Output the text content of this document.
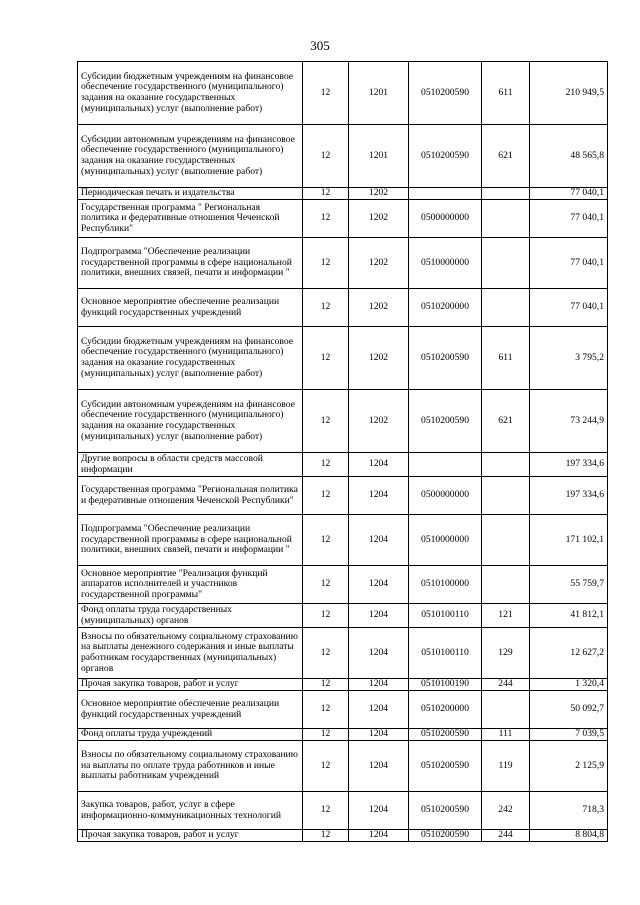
305
Субсидии бюджетным учреждениям на финансовое обеспечение государственного (муниципального) задания на оказание государственных (муниципальных) услуг (выполнение работ)	12	1201	0510200590	611	210 949,5
Субсидии автономным учреждениям на финансовое обеспечение государственного (муниципального) задания на оказание государственных (муниципальных) услуг (выполнение работ)	12	1201	0510200590	621	48 565,8
Периодическая печать и издательства	12	1202			77 040,1
Государственная программа " Региональная политика и федеративные отношения Чеченской Республики"	12	1202	0500000000		77 040,1
Подпрограмма "Обеспечение реализации государственной программы в сфере национальной политики, внешних связей, печати и информации "	12	1202	0510000000		77 040,1
Основное мероприятие обеспечение реализации функций государственных учреждений	12	1202	0510200000		77 040,1
Субсидии бюджетным учреждениям на финансовое обеспечение государственного (муниципального) задания на оказание государственных (муниципальных) услуг (выполнение работ)	12	1202	0510200590	611	3 795,2
Субсидии автономным учреждениям на финансовое обеспечение государственного (муниципального) задания на оказание государственных (муниципальных) услуг (выполнение работ)	12	1202	0510200590	621	73 244,9
Другие вопросы в области средств массовой информации	12	1204			197 334,6
Государственная программа "Региональная политика и федеративные отношения Чеченской Республики"	12	1204	0500000000		197 334,6
Подпрограмма "Обеспечение реализации государственной программы в сфере национальной политики, внешних связей, печати и информации "	12	1204	0510000000		171 102,1
Основное мероприятие "Реализация функций аппаратов исполнителей и участников государственной программы"	12	1204	0510100000		55 759,7
Фонд оплаты труда государственных (муниципальных) органов	12	1204	0510100110	121	41 812,1
Взносы по обязательному социальному страхованию на выплаты денежного содержания и иные выплаты работникам государственных (муниципальных) органов	12	1204	0510100110	129	12 627,2
Прочая закупка товаров, работ и услуг	12	1204	0510100190	244	1 320,4
Основное мероприятие обеспечение реализации функций государственных учреждений	12	1204	0510200000		50 092,7
Фонд оплаты труда учреждений	12	1204	0510200590	111	7 039,5
Взносы по обязательному социальному страхованию на выплаты по оплате труда работников и иные выплаты работникам учреждений	12	1204	0510200590	119	2 125,9
Закупка товаров, работ, услуг в сфере информационно-коммуникационных технологий	12	1204	0510200590	242	718,3
Прочая закупка товаров, работ и услуг	12	1204	0510200590	244	8 804,8
